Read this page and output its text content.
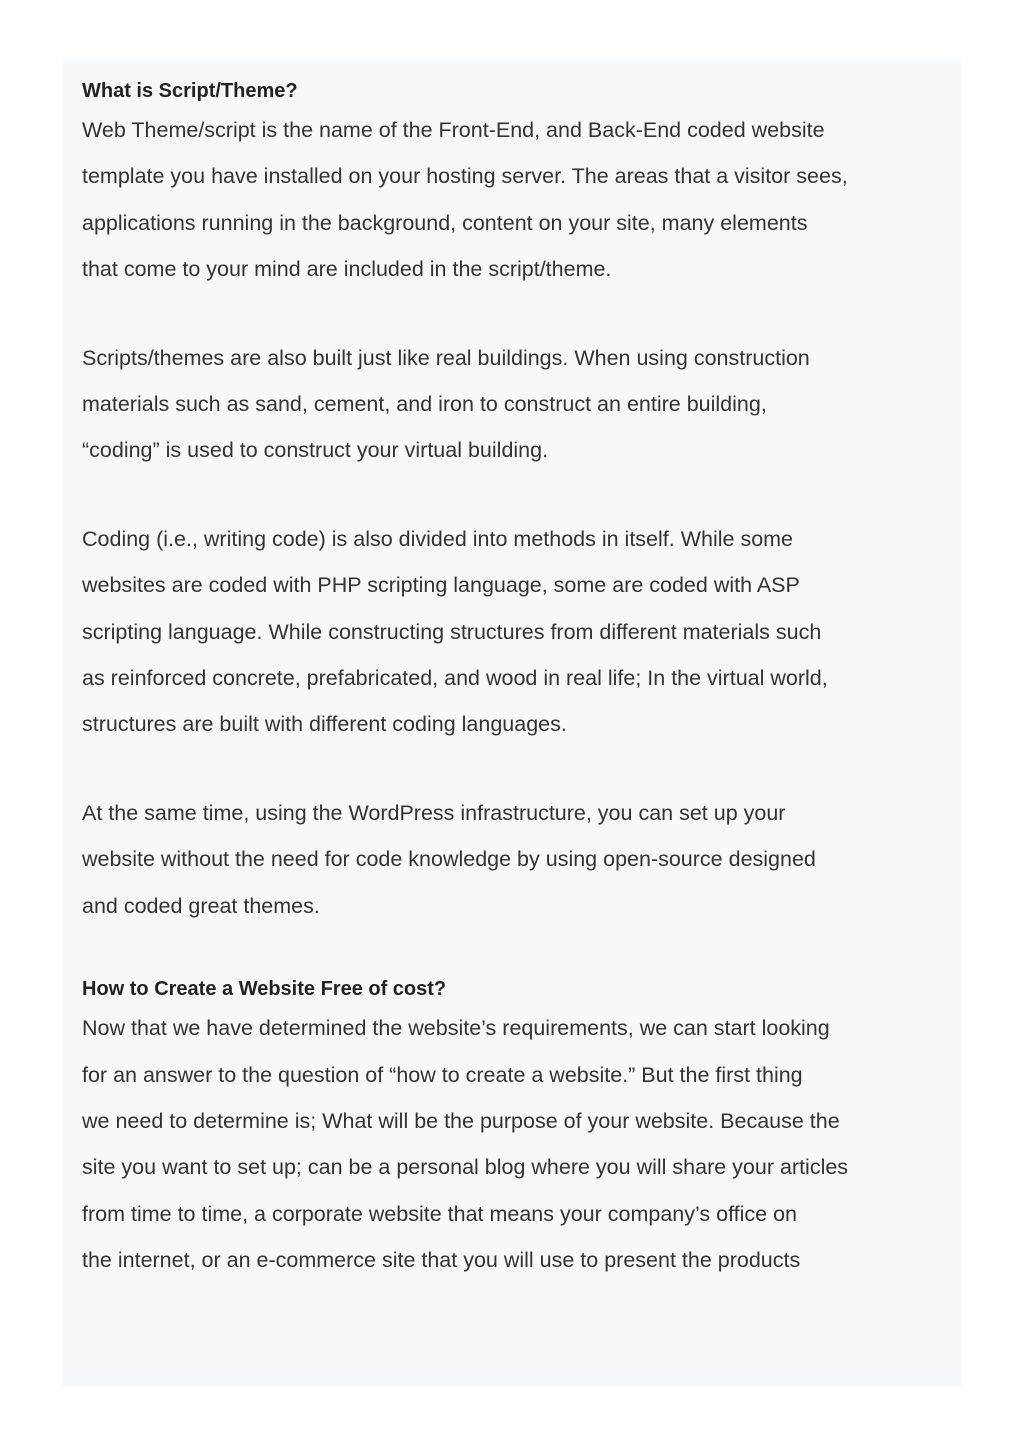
What is Script/Theme?

Web Theme/script is the name of the Front-End, and Back-End coded website
template you have installed on your hosting server. The areas that a visitor sees,
applications running in the background, content on your site, many elements
that come to your mind are included in the script/theme.

Scripts/themes are also built just like real buildings. When using construction
materials such as sand, cement, and iron to construct an entire building,
“coding” is used to construct your virtual building.

Coding (i.e., writing code) is also divided into methods in itself. While some
websites are coded with PHP scripting language, some are coded with ASP
scripting language. While constructing structures from different materials such
as reinforced concrete, prefabricated, and wood in real life; In the virtual world,
structures are built with different coding languages.

At the same time, using the WordPress infrastructure, you can set up your
website without the need for code knowledge by using open-source designed
and coded great themes.

How to Create a Website Free of cost?

Now that we have determined the website’s requirements, we can start looking
for an answer to the question of “how to create a website.” But the first thing
we need to determine is; What will be the purpose of your website. Because the
site you want to set up; can be a personal blog where you will share your articles
from time to time, a corporate website that means your company’s office on
the internet, or an e-commerce site that you will use to present the products
